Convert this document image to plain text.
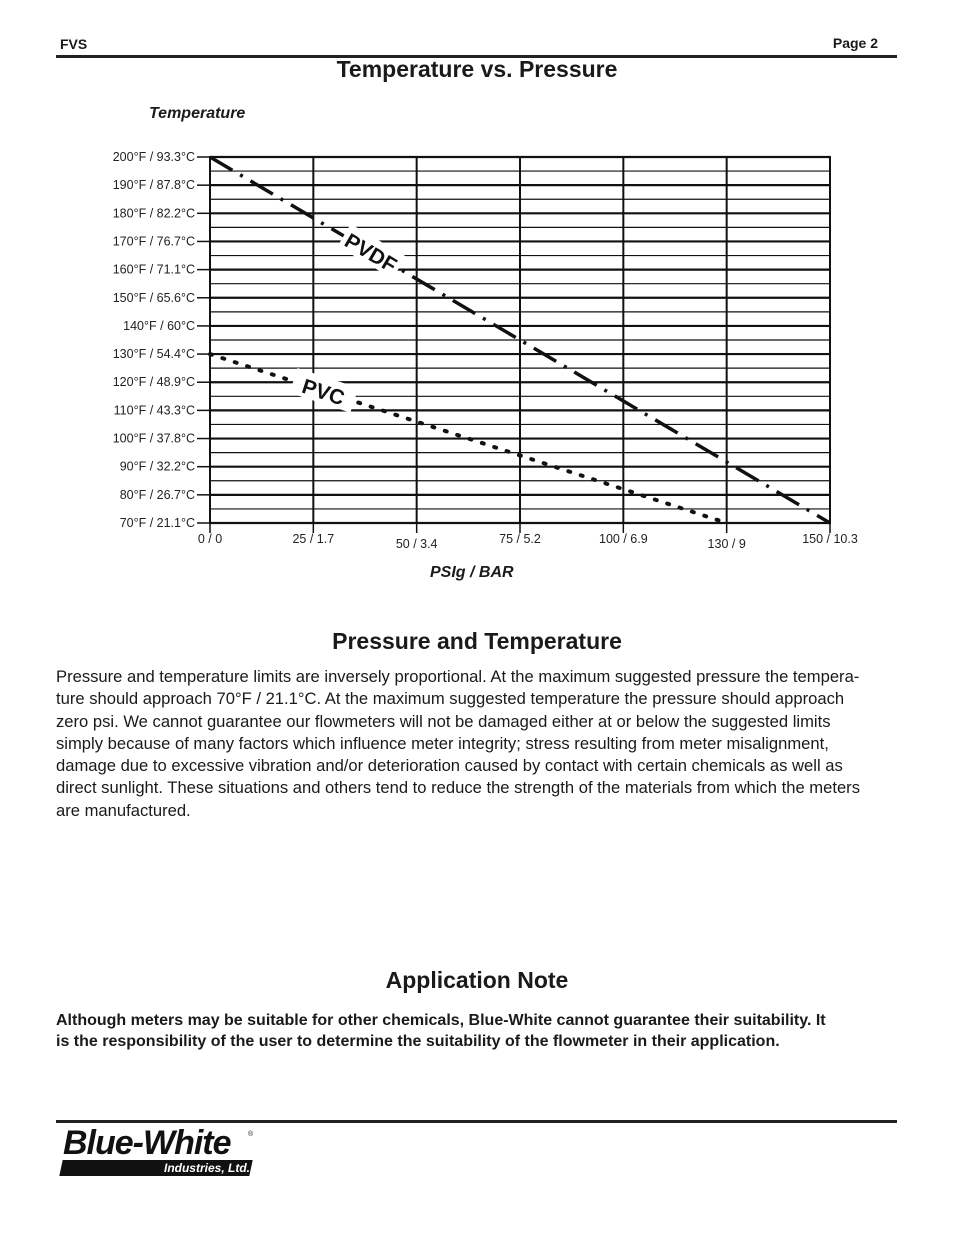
FVS	Page 2
Temperature vs. Pressure
Temperature
PSIg / BAR
200°F / 93.3°C
190°F / 87.8°C
180°F / 82.2°C
170°F / 76.7°C
160°F / 71.1°C
150°F / 65.6°C
140°F / 60°C
130°F / 54.4°C
120°F / 48.9°C
110°F / 43.3°C
100°F / 37.8°C
90°F / 32.2°C
80°F / 26.7°C
70°F / 21.1°C
0 / 0	25 / 1.7	50 / 3.4	75 / 5.2	100 / 6.9	130 / 9	150 / 10.3
PVDF
PVC
Pressure and Temperature
Pressure and temperature limits are inversely proportional. At the maximum suggested pressure the tempera-
ture should approach 70°F / 21.1°C. At the maximum suggested temperature the pressure should approach
zero psi. We cannot guarantee our flowmeters will not be damaged either at or below the suggested limits
simply because of many factors which influence meter integrity; stress resulting from meter misalignment,
damage due to excessive vibration and/or deterioration caused by contact with certain chemicals as well as
direct sunlight. These situations and others tend to reduce the strength of the materials from which the meters
are manufactured.
Application Note
Although meters may be suitable for other chemicals, Blue-White cannot guarantee their suitability. It
is the responsibility of the user to determine the suitability of the flowmeter in their application.
Blue-White ®
Industries, Ltd.
